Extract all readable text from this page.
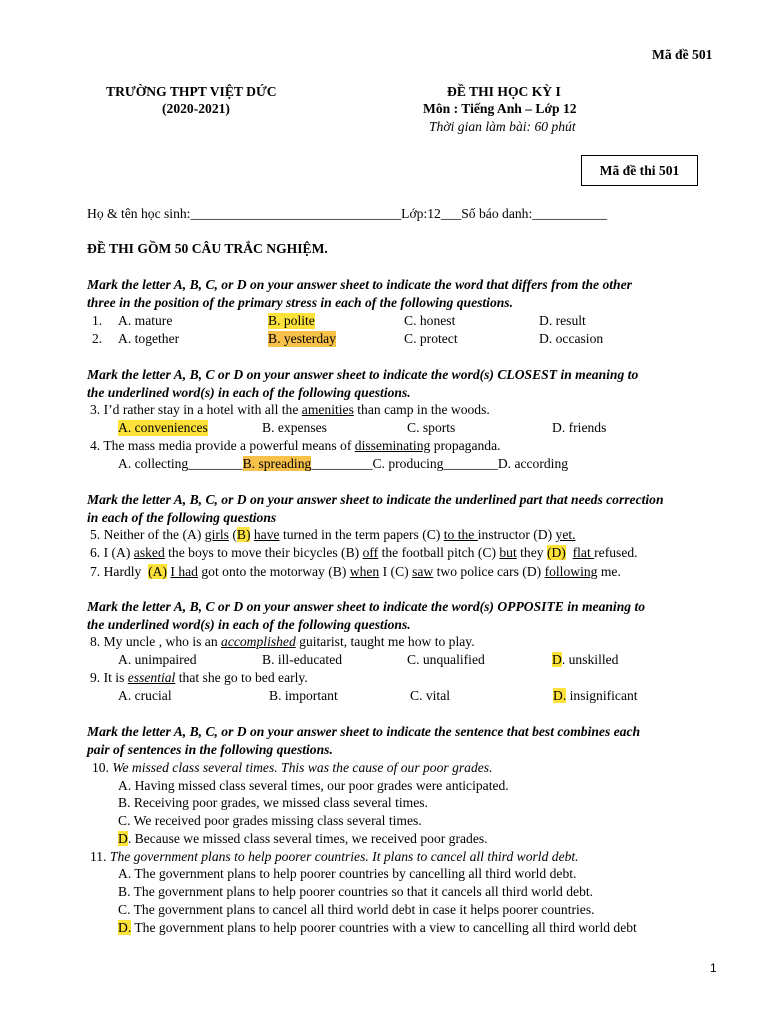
Mã đề 501
TRƯỜNG THPT VIỆT DỨC
(2020-2021)
ĐỀ THI HỌC KỲ I
Môn : Tiếng Anh – Lớp 12
Thời gian làm bài: 60 phút
Mã đề thi 501
Họ & tên học sinh:_______________________________Lớp:12___Số báo danh:___________
ĐỀ THI GỒM 50 CÂU TRẮC NGHIỆM.
Mark the letter A, B, C, or D on your answer sheet to indicate the word that differs from the other
three in the position of the primary stress in each of the following questions.
1. A. mature	B. polite	C. honest	D. result
2. A. together	B. yesterday	C. protect	D. occasion
Mark the letter A, B, C or D on your answer sheet to indicate the word(s) CLOSEST in meaning to
the underlined word(s) in each of the following questions.
3. I’d rather stay in a hotel with all the amenities than camp in the woods.
A. conveniences	B. expenses	C. sports	D. friends
4. The mass media provide a powerful means of disseminating propaganda.
A. collecting________B. spreading_________C. producing________D. according
Mark the letter A, B, C, or D on your answer sheet to indicate the underlined part that needs correction
in each of the following questions
5. Neither of the (A) girls (B) have turned in the term papers (C) to the instructor (D) yet.
6. I (A) asked the boys to move their bicycles (B) off the football pitch (C) but they (D) flat refused.
7. Hardly  (A) I had got onto the motorway (B) when I (C) saw two police cars (D) following me.
Mark the letter A, B, C or D on your answer sheet to indicate the word(s) OPPOSITE in meaning to
the underlined word(s) in each of the following questions.
8. My uncle , who is an accomplished guitarist, taught me how to play.
A. unimpaired	B. ill-educated	C. unqualified	D. unskilled
9. It is essential that she go to bed early.
A. crucial	B. important	C. vital	D. insignificant
Mark the letter A, B, C, or D on your answer sheet to indicate the sentence that best combines each
pair of sentences in the following questions.
10. We missed class several times. This was the cause of our poor grades.
A. Having missed class several times, our poor grades were anticipated.
B. Receiving poor grades, we missed class several times.
C. We received poor grades missing class several times.
D. Because we missed class several times, we received poor grades.
11. The government plans to help poorer countries. It plans to cancel all third world debt.
A. The government plans to help poorer countries by cancelling all third world debt.
B. The government plans to help poorer countries so that it cancels all third world debt.
C. The government plans to cancel all third world debt in case it helps poorer countries.
D. The government plans to help poorer countries with a view to cancelling all third world debt
1
